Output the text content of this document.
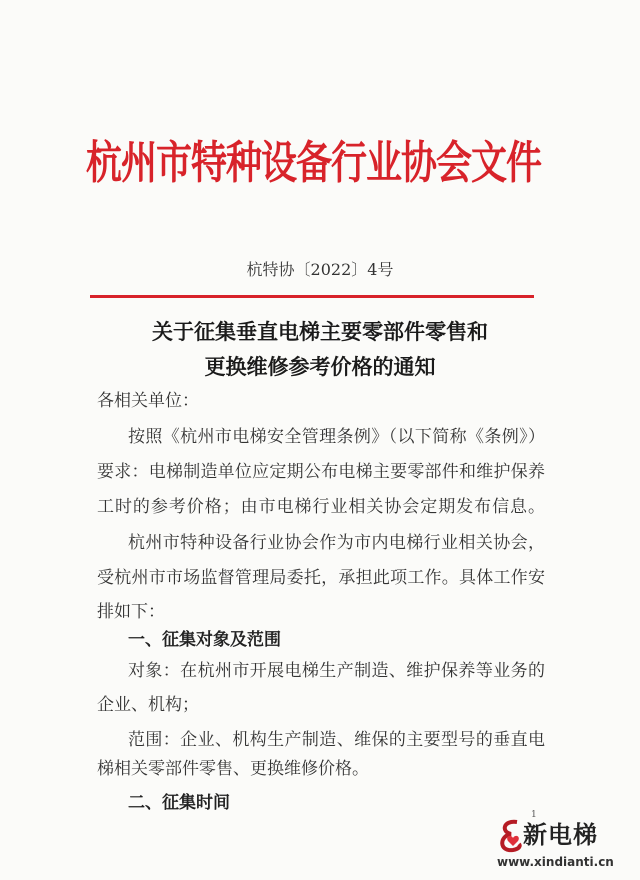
杭州市特种设备行业协会文件
杭特协〔2022〕4号
关于征集垂直电梯主要零部件零售和
更换维修参考价格的通知
各相关单位：
按照《杭州市电梯安全管理条例》（以下简称《条例》）
要求：电梯制造单位应定期公布电梯主要零部件和维护保养
工时的参考价格；由市电梯行业相关协会定期发布信息。
杭州市特种设备行业协会作为市内电梯行业相关协会，
受杭州市市场监督管理局委托，承担此项工作。具体工作安
排如下：
一、征集对象及范围
对象：在杭州市开展电梯生产制造、维护保养等业务的
企业、机构；
范围：企业、机构生产制造、维保的主要型号的垂直电
梯相关零部件零售、更换维修价格。
二、征集时间
1
新电梯
www.xindianti.cn
